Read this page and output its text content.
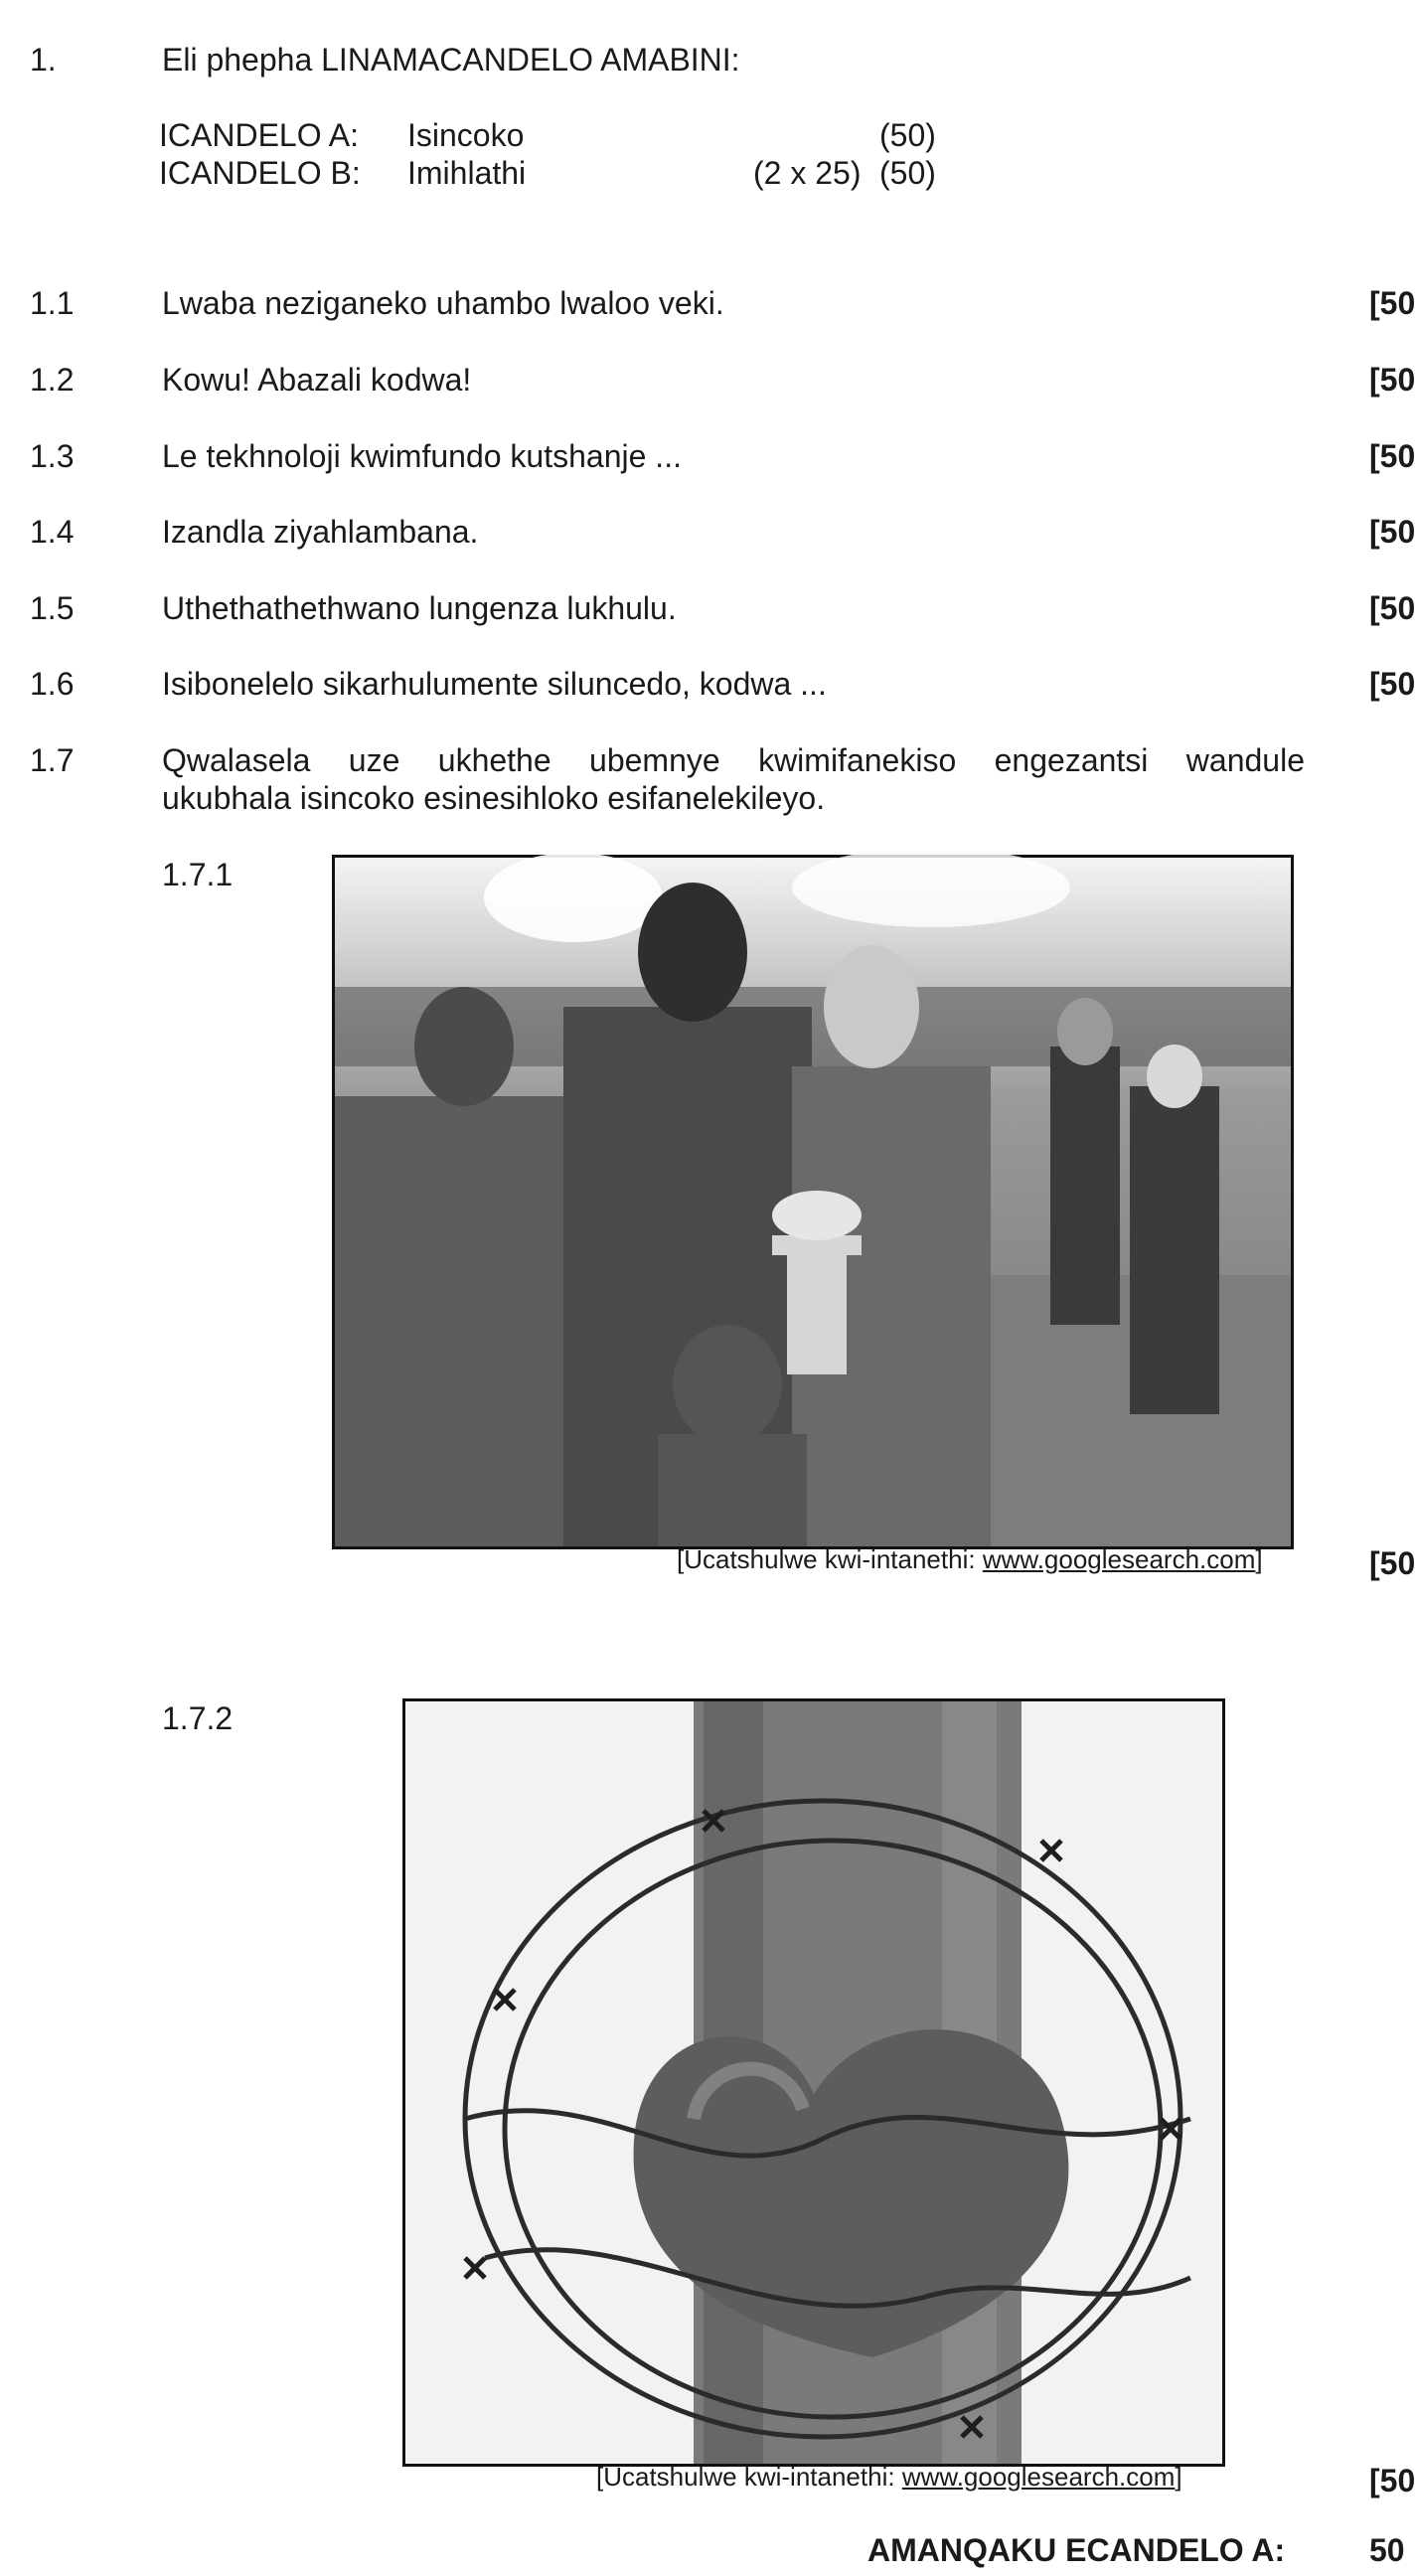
1.	Eli phepha LINAMACANDELO AMABINI:
ICANDELO A: Isincoko	(50)
ICANDELO B: Imihlathi	(2 x 25) (50)
1.1	Lwaba neziganeko uhambo lwaloo veki.	[50
1.2	Kowu! Abazali kodwa!	[50
1.3	Le tekhnoloji kwimfundo kutshanje ...	[50
1.4	Izandla ziyahlambana.	[50
1.5	Uthethathethwano lungenza lukhulu.	[50
1.6	Isibonelelo sikarhulumente siluncedo, kodwa ...	[50
1.7	Qwalasela uze ukhethe ubemnye kwimifanekiso engezantsi wandule
ukubhala isincoko esinesihloko esifanelekileyo.
1.7.1
[Ucatshulwe kwi-intanethi: www.googlesearch.com]	[50
1.7.2
[Ucatshulwe kwi-intanethi: www.googlesearch.com]	[50
AMANQAKU ECANDELO A:	50
